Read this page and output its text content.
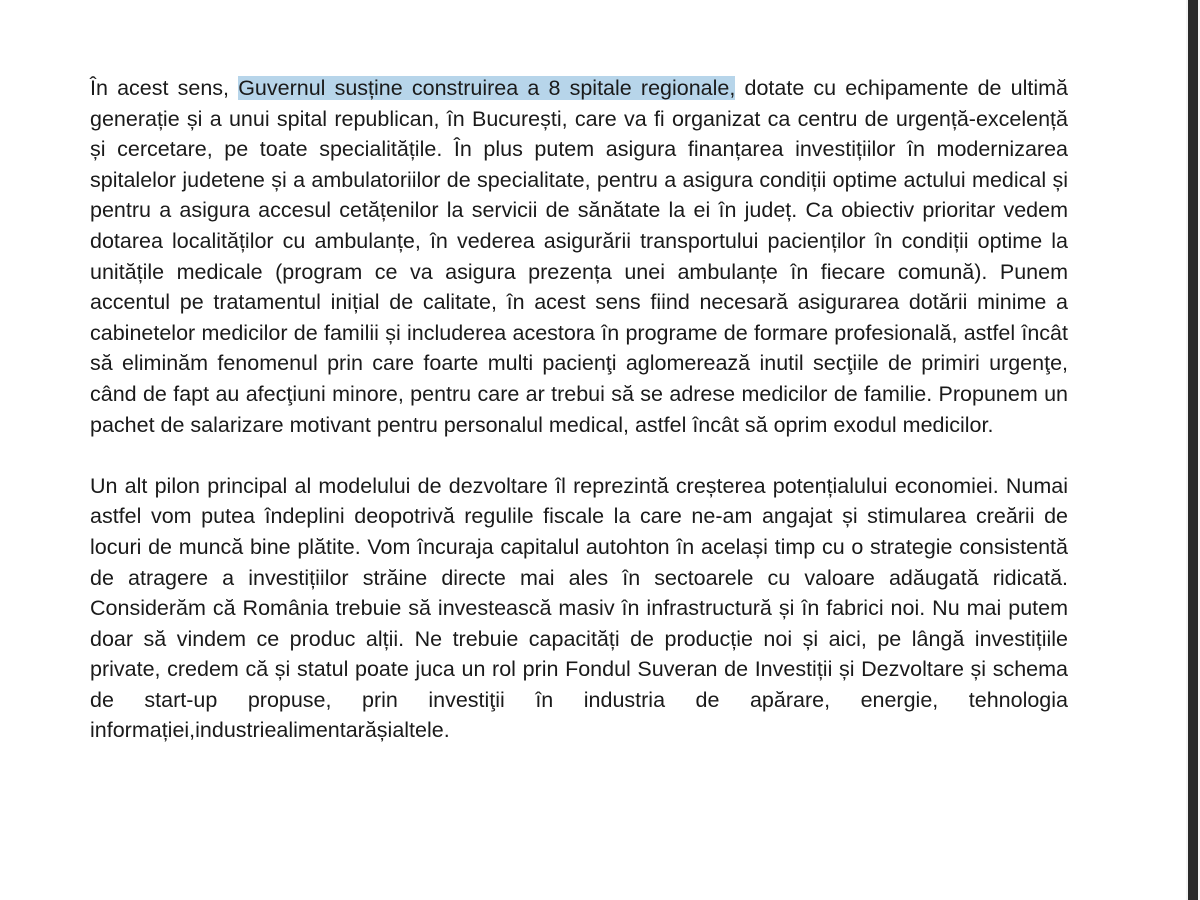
În acest sens, Guvernul susține construirea a 8 spitale regionale, dotate cu echipamente de ultimă generație și a unui spital republican, în București, care va fi organizat ca centru de urgență-excelență și cercetare, pe toate specialitățile. În plus putem asigura finanțarea investițiilor în modernizarea spitalelor judetene și a ambulatoriilor de specialitate, pentru a asigura condiții optime actului medical și pentru a asigura accesul cetățenilor la servicii de sănătate la ei în județ. Ca obiectiv prioritar vedem dotarea localităților cu ambulanțe, în vederea asigurării transportului pacienților în condiții optime la unitățile medicale (program ce va asigura prezența unei ambulanțe în fiecare comună). Punem accentul pe tratamentul inițial de calitate, în acest sens fiind necesară asigurarea dotării minime a cabinetelor medicilor de familii și includerea acestora în programe de formare profesională, astfel încât să eliminăm fenomenul prin care foarte multi pacienţi aglomerează inutil secţiile de primiri urgenţe, când de fapt au afecţiuni minore, pentru care ar trebui să se adrese medicilor de familie. Propunem un pachet de salarizare motivant pentru personalul medical, astfel încât să oprim exodul medicilor.

Un alt pilon principal al modelului de dezvoltare îl reprezintă creșterea potențialului economiei. Numai astfel vom putea îndeplini deopotrivă regulile fiscale la care ne-am angajat și stimularea creării de locuri de muncă bine plătite. Vom încuraja capitalul autohton în același timp cu o strategie consistentă de atragere a investițiilor străine directe mai ales în sectoarele cu valoare adăugată ridicată. Considerăm că România trebuie să investească masiv în infrastructură și în fabrici noi. Nu mai putem doar să vindem ce produc alții. Ne trebuie capacități de producție noi și aici, pe lângă investițiile private, credem că și statul poate juca un rol prin Fondul Suveran de Investiții și Dezvoltare și schema de start-up propuse, prin investiţii în industria de apărare, energie, tehnologia informației,industriealimentarășialtele.
